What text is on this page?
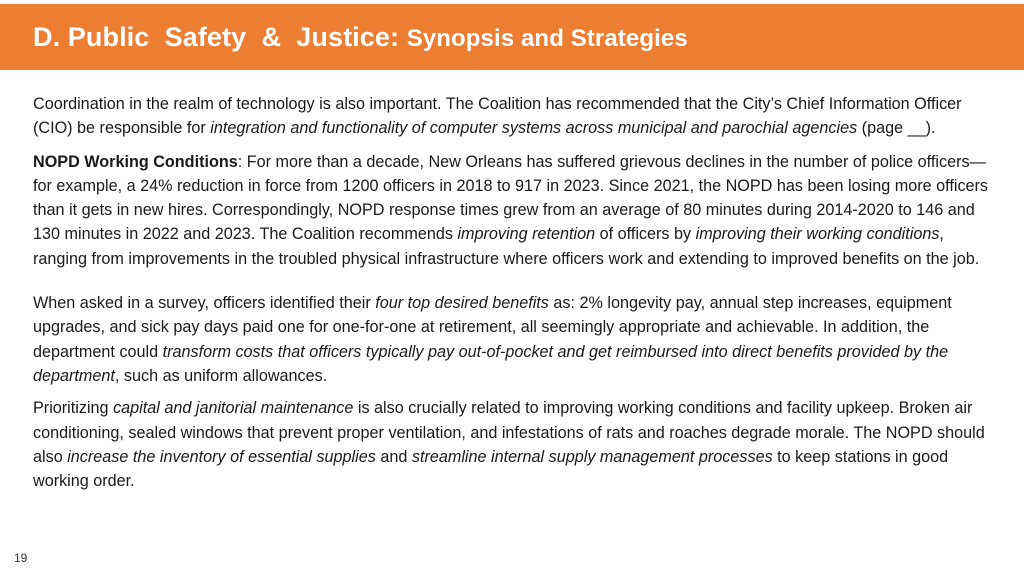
D. Public  Safety  &  Justice: Synopsis and Strategies

Coordination in the realm of technology is also important. The Coalition has recommended that the City’s Chief Information Officer (CIO) be responsible for integration and functionality of computer systems across municipal and parochial agencies (page __).

NOPD Working Conditions: For more than a decade, New Orleans has suffered grievous declines in the number of police officers—for example, a 24% reduction in force from 1200 officers in 2018 to 917 in 2023. Since 2021, the NOPD has been losing more officers than it gets in new hires. Correspondingly, NOPD response times grew from an average of 80 minutes during 2014-2020 to 146 and 130 minutes in 2022 and 2023. The Coalition recommends improving retention of officers by improving their working conditions, ranging from improvements in the troubled physical infrastructure where officers work and extending to improved benefits on the job.

When asked in a survey, officers identified their four top desired benefits as: 2% longevity pay, annual step increases, equipment upgrades, and sick pay days paid one for one-for-one at retirement, all seemingly appropriate and achievable. In addition, the department could transform costs that officers typically pay out-of-pocket and get reimbursed into direct benefits provided by the department, such as uniform allowances.

Prioritizing capital and janitorial maintenance is also crucially related to improving working conditions and facility upkeep. Broken air conditioning, sealed windows that prevent proper ventilation, and infestations of rats and roaches degrade morale. The NOPD should also increase the inventory of essential supplies and streamline internal supply management processes to keep stations in good working order.

19
